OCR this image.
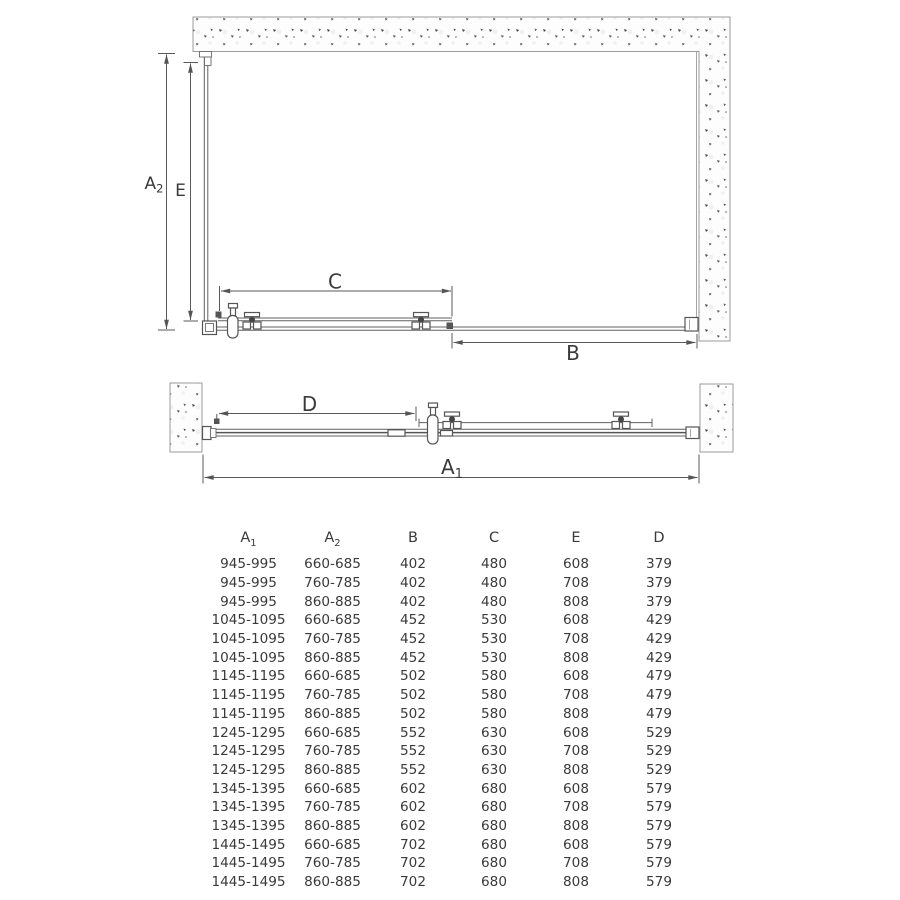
$A_2$ E
C
B
D
$A_1$
$A_1$	$A_2$	B	C	E	D
945-995	660-685	402	480	608	379
945-995	760-785	402	480	708	379
945-995	860-885	402	480	808	379
1045-1095	660-685	452	530	608	429
1045-1095	760-785	452	530	708	429
1045-1095	860-885	452	530	808	429
1145-1195	660-685	502	580	608	479
1145-1195	760-785	502	580	708	479
1145-1195	860-885	502	580	808	479
1245-1295	660-685	552	630	608	529
1245-1295	760-785	552	630	708	529
1245-1295	860-885	552	630	808	529
1345-1395	660-685	602	680	608	579
1345-1395	760-785	602	680	708	579
1345-1395	860-885	602	680	808	579
1445-1495	660-685	702	680	608	579
1445-1495	760-785	702	680	708	579
1445-1495	860-885	702	680	808	579
